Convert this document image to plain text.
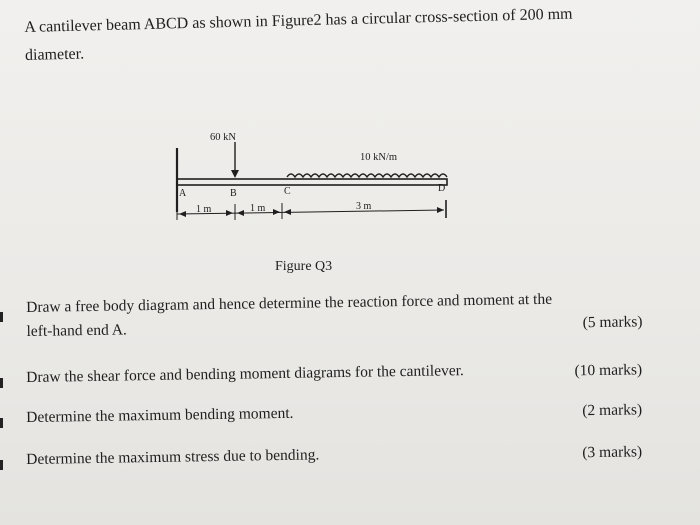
A cantilever beam ABCD as shown in Figure2 has a circular cross-section of 200 mm
diameter.
60 kN
10 kN/m
A	B	C	D
1 m	1 m	3 m
Figure Q3
Draw a free body diagram and hence determine the reaction force and moment at the
left-hand end A.	(5 marks)
Draw the shear force and bending moment diagrams for the cantilever.	(10 marks)
Determine the maximum bending moment.	(2 marks)
Determine the maximum stress due to bending.	(3 marks)
